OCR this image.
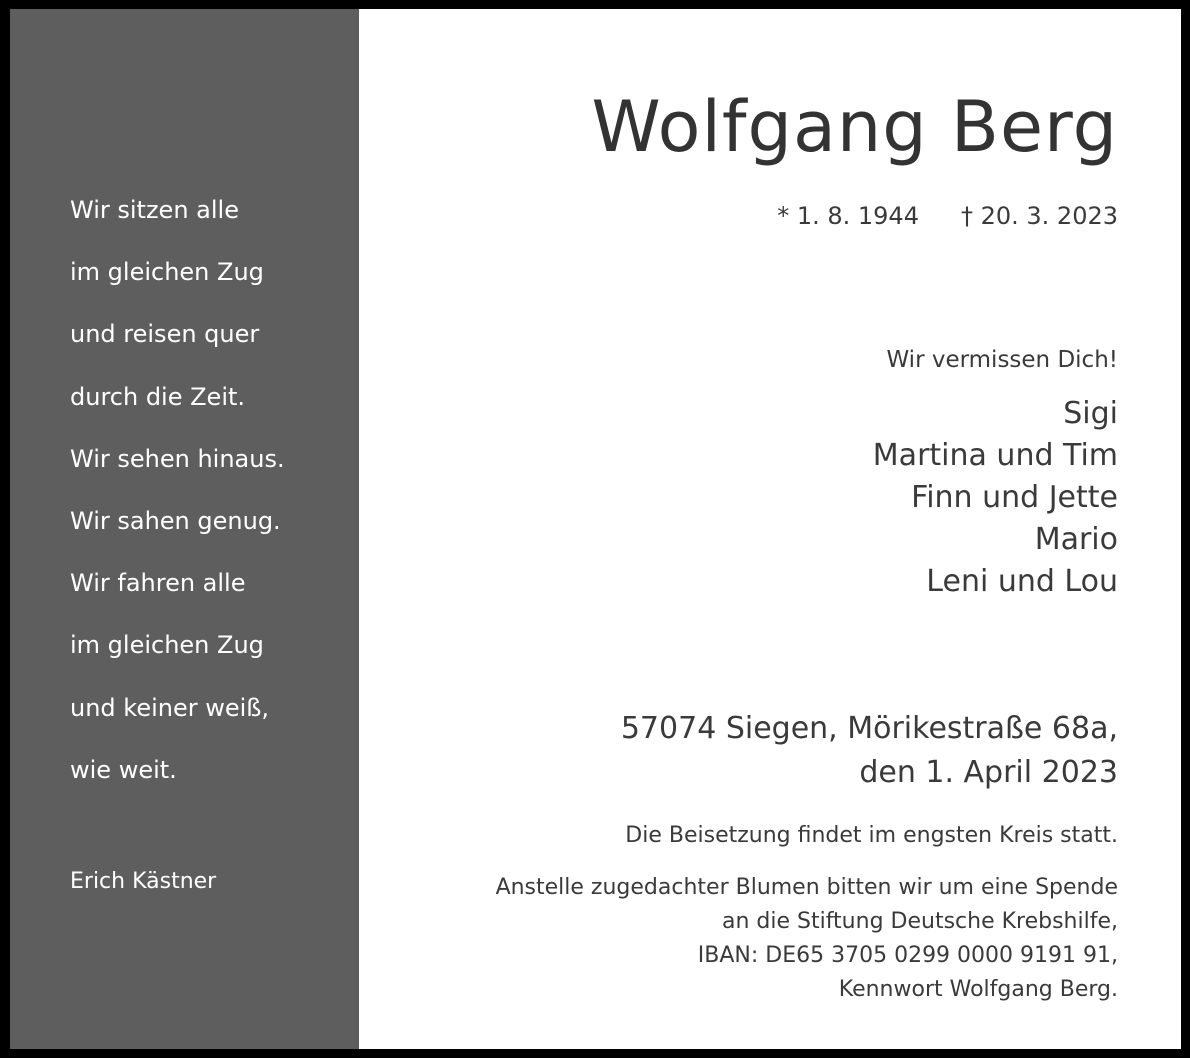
Wir sitzen alle
im gleichen Zug
und reisen quer
durch die Zeit.
Wir sehen hinaus.
Wir sahen genug.
Wir fahren alle
im gleichen Zug
und keiner weiß,
wie weit.
Erich Kästner
Wolfgang Berg
* 1. 8. 1944 † 20. 3. 2023
Wir vermissen Dich!
Sigi
Martina und Tim
Finn und Jette
Mario
Leni und Lou
57074 Siegen, Mörikestraße 68a,
den 1. April 2023
Die Beisetzung findet im engsten Kreis statt.
Anstelle zugedachter Blumen bitten wir um eine Spende
an die Stiftung Deutsche Krebshilfe,
IBAN: DE65 3705 0299 0000 9191 91,
Kennwort Wolfgang Berg.
